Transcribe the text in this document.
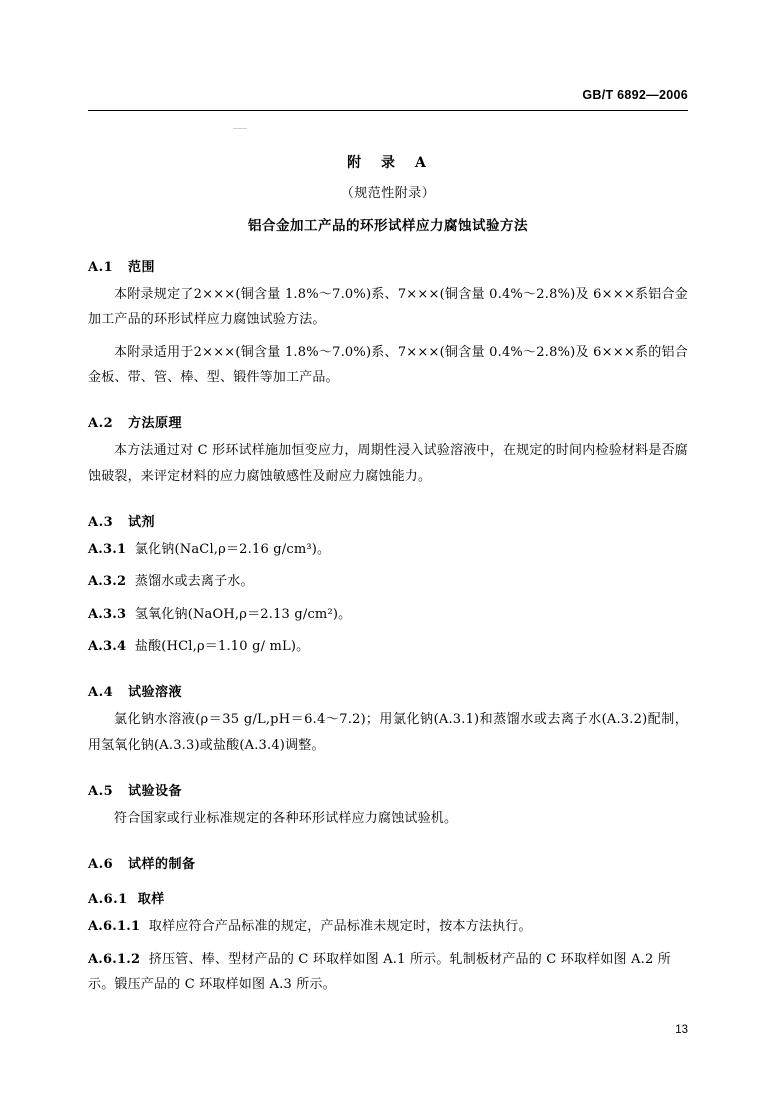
GB/T 6892—2006
附　录　A
（规范性附录）
铝合金加工产品的环形试样应力腐蚀试验方法
A.1 范围
本附录规定了2×××(铜含量 1.8%～7.0%)系、7×××(铜含量 0.4%～2.8%)及 6×××系铝合金加工产品的环形试样应力腐蚀试验方法。
本附录适用于2×××(铜含量 1.8%～7.0%)系、7×××(铜含量 0.4%～2.8%)及 6×××系的铝合金板、带、管、棒、型、锻件等加工产品。
A.2 方法原理
本方法通过对 C 形环试样施加恒变应力，周期性浸入试验溶液中，在规定的时间内检验材料是否腐蚀破裂，来评定材料的应力腐蚀敏感性及耐应力腐蚀能力。
A.3 试剂
A.3.1 氯化钠(NaCl,ρ＝2.16 g/cm³)。
A.3.2 蒸馏水或去离子水。
A.3.3 氢氧化钠(NaOH,ρ＝2.13 g/cm²)。
A.3.4 盐酸(HCl,ρ＝1.10 g/ mL)。
A.4 试验溶液
氯化钠水溶液(ρ＝35 g/L,pH＝6.4～7.2)；用氯化钠(A.3.1)和蒸馏水或去离子水(A.3.2)配制，用氢氧化钠(A.3.3)或盐酸(A.3.4)调整。
A.5 试验设备
符合国家或行业标准规定的各种环形试样应力腐蚀试验机。
A.6 试样的制备
A.6.1 取样
A.6.1.1 取样应符合产品标准的规定，产品标准未规定时，按本方法执行。
A.6.1.2 挤压管、棒、型材产品的 C 环取样如图 A.1 所示。轧制板材产品的 C 环取样如图 A.2 所示。锻压产品的 C 环取样如图 A.3 所示。
13
